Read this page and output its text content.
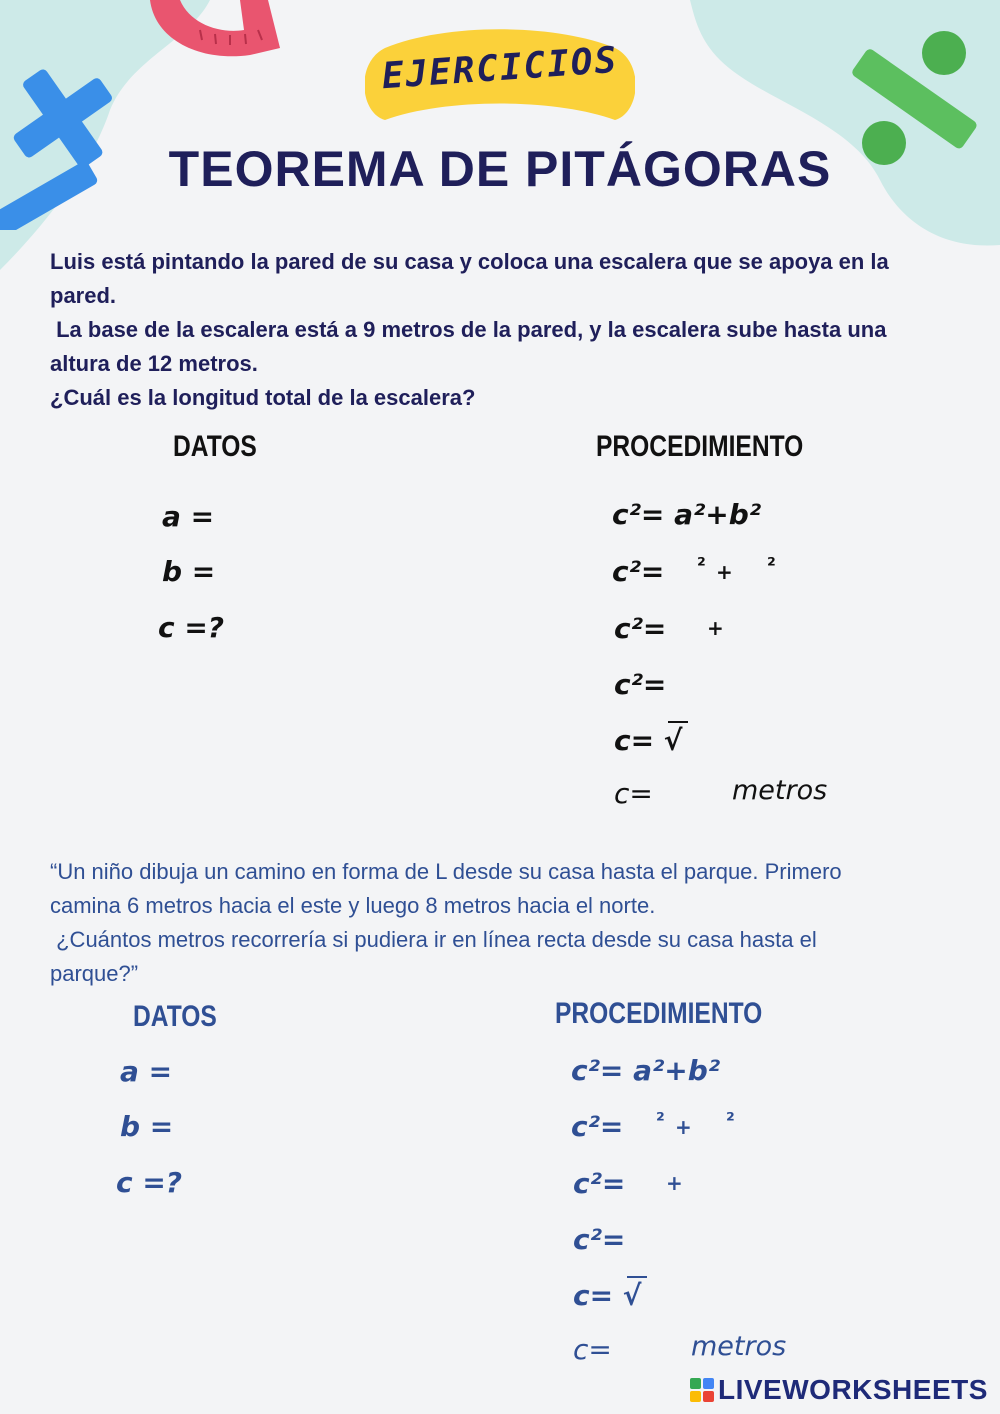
EJERCICIOS
TEOREMA DE PITÁGORAS
Luis está pintando la pared de su casa y coloca una escalera que se apoya en la
pared.
La base de la escalera está a 9 metros de la pared, y la escalera sube hasta una
altura de 12 metros.
¿Cuál es la longitud total de la escalera?
DATOS	PROCEDIMIENTO
a =
b =
c =?
c²= a²+b²
c²= ² + ²
c²= +
c²=
c= √
c=	metros
“Un niño dibuja un camino en forma de L desde su casa hasta el parque. Primero
camina 6 metros hacia el este y luego 8 metros hacia el norte.
¿Cuántos metros recorrería si pudiera ir en línea recta desde su casa hasta el
parque?”
DATOS	PROCEDIMIENTO
a =
b =
c =?
c²= a²+b²
c²= ² + ²
c²= +
c²=
c= √
c=	metros
LIVEWORKSHEETS
